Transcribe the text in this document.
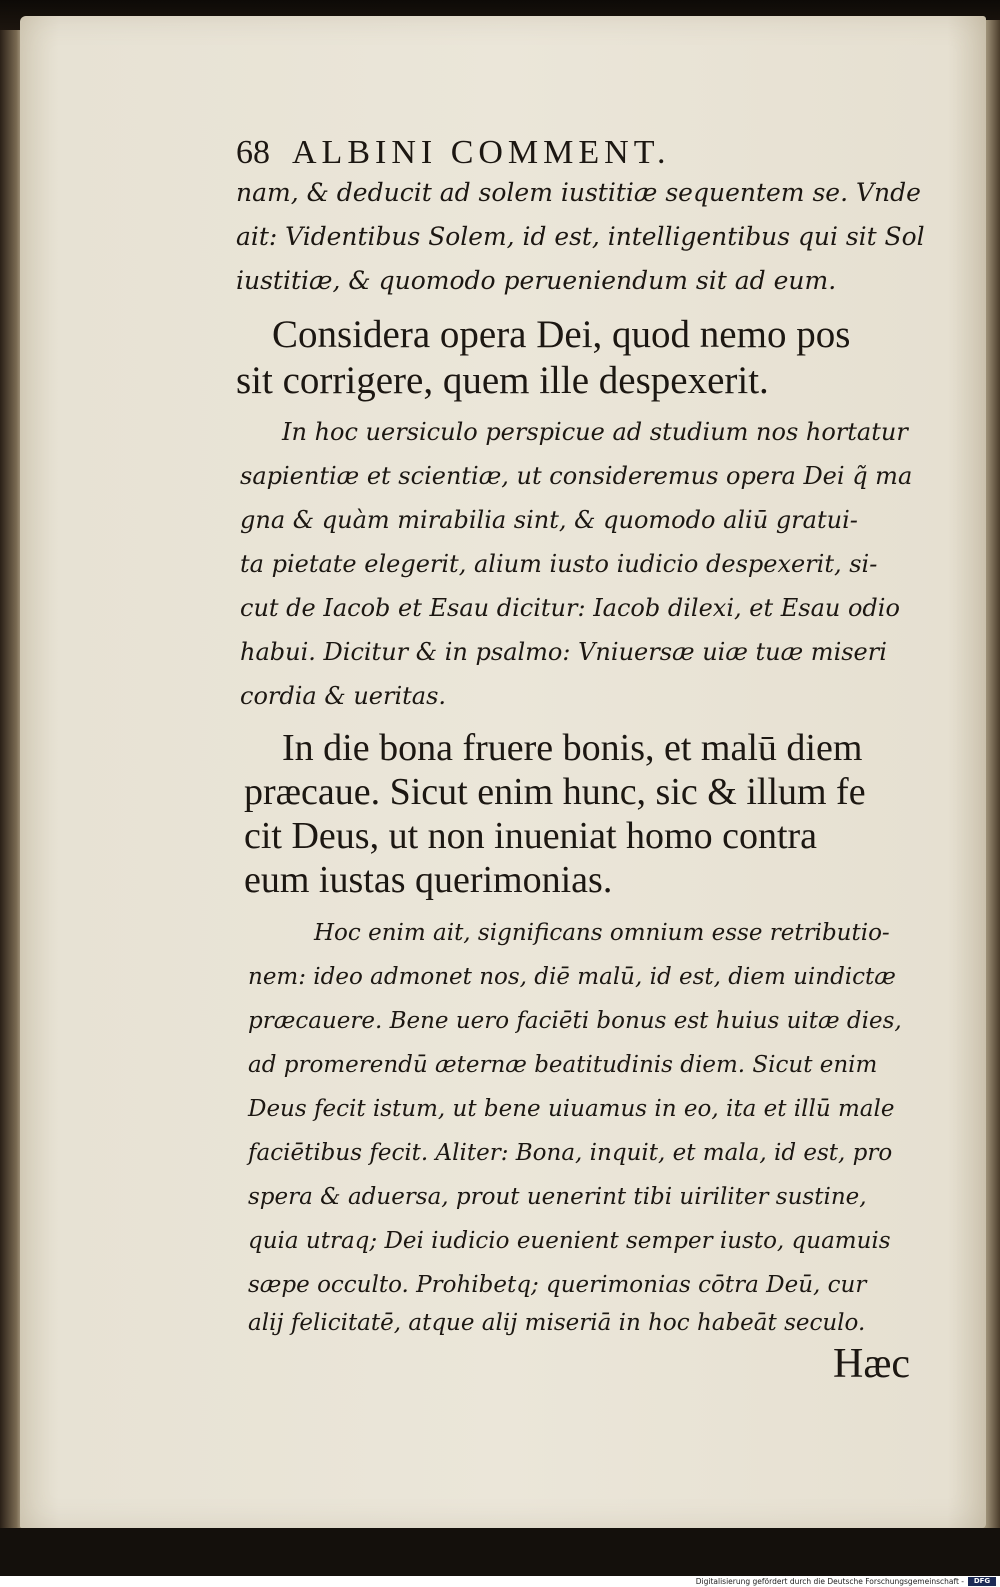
68 ALBINI COMMENT.
nam, & deducit ad solem iustitiæ sequentem se. Vnde
ait: Videntibus Solem, id est, intelligentibus qui sit Sol
iustitiæ, & quomodo perueniendum sit ad eum.
Considera opera Dei, quod nemo pos
sit corrigere, quem ille despexerit.
In hoc uersiculo perspicue ad studium nos hortatur
sapientiæ et scientiæ, ut consideremus opera Dei q̃ ma
gna & quàm mirabilia sint, & quomodo aliū gratui-
ta pietate elegerit, alium iusto iudicio despexerit, si-
cut de Iacob et Esau dicitur: Iacob dilexi, et Esau odio
habui. Dicitur & in psalmo: Vniuersæ uiæ tuæ miseri
cordia & ueritas.
In die bona fruere bonis, et malū diem
præcaue. Sicut enim hunc, sic & illum fe
cit Deus, ut non inueniat homo contra
eum iustas querimonias.
Hoc enim ait, significans omnium esse retributio-
nem: ideo admonet nos, diē malū, id est, diem uindictæ
præcauere. Bene uero faciēti bonus est huius uitæ dies,
ad promerendū æternæ beatitudinis diem. Sicut enim
Deus fecit istum, ut bene uiuamus in eo, ita et illū male
faciētibus fecit. Aliter: Bona, inquit, et mala, id est, pro
spera & aduersa, prout uenerint tibi uiriliter sustine,
quia utraq; Dei iudicio euenient semper iusto, quamuis
sæpe occulto. Prohibetq; querimonias cōtra Deū, cur
alij felicitatē, atque alij miseriā in hoc habeāt seculo.
Hæc
Digitalisierung gefördert durch die Deutsche Forschungsgemeinschaft -	DFG
